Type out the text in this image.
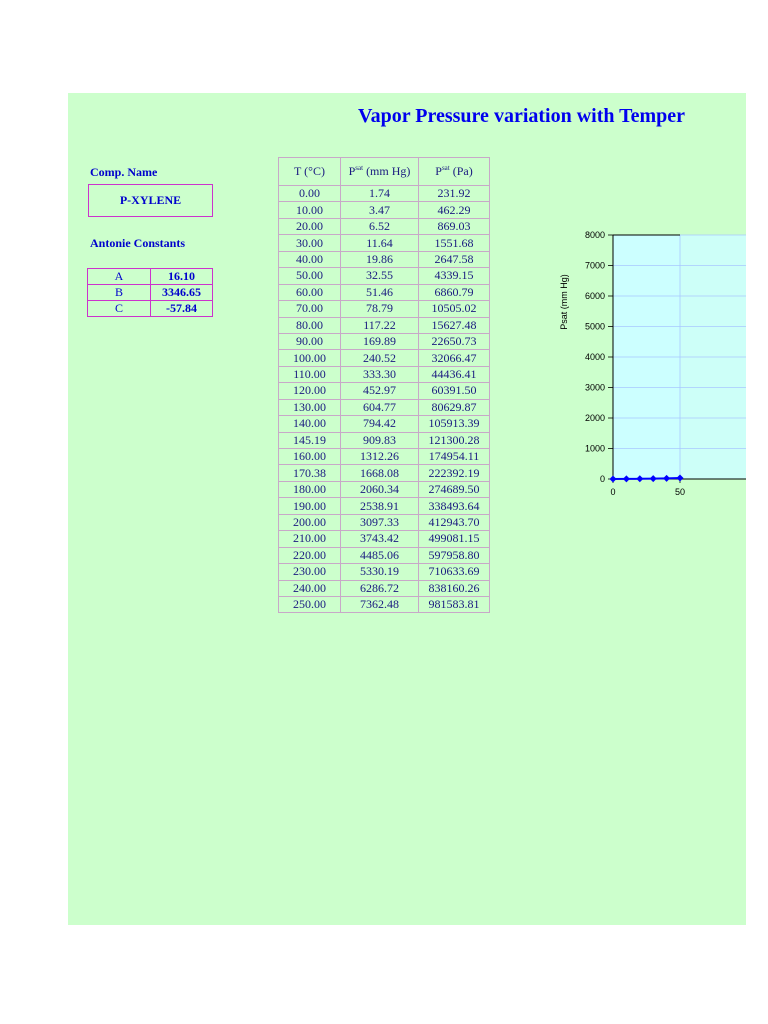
Vapor Pressure variation with Temper
Comp. Name
P-XYLENE
Antonie Constants
A	16.10
B	3346.65
C	-57.84
T (°C)	$P^{sat}$ (mm Hg)	$P^{sat}$ (Pa)
0.00	1.74	231.92
10.00	3.47	462.29
20.00	6.52	869.03
30.00	11.64	1551.68
40.00	19.86	2647.58
50.00	32.55	4339.15
60.00	51.46	6860.79
70.00	78.79	10505.02
80.00	117.22	15627.48
90.00	169.89	22650.73
100.00	240.52	32066.47
110.00	333.30	44436.41
120.00	452.97	60391.50
130.00	604.77	80629.87
140.00	794.42	105913.39
145.19	909.83	121300.28
160.00	1312.26	174954.11
170.38	1668.08	222392.19
180.00	2060.34	274689.50
190.00	2538.91	338493.64
200.00	3097.33	412943.70
210.00	3743.42	499081.15
220.00	4485.06	597958.80
230.00	5330.19	710633.69
240.00	6286.72	838160.26
250.00	7362.48	981583.81
0
1000
2000
3000
4000
5000
6000
7000
8000
0	50
Psat (mm Hg)
